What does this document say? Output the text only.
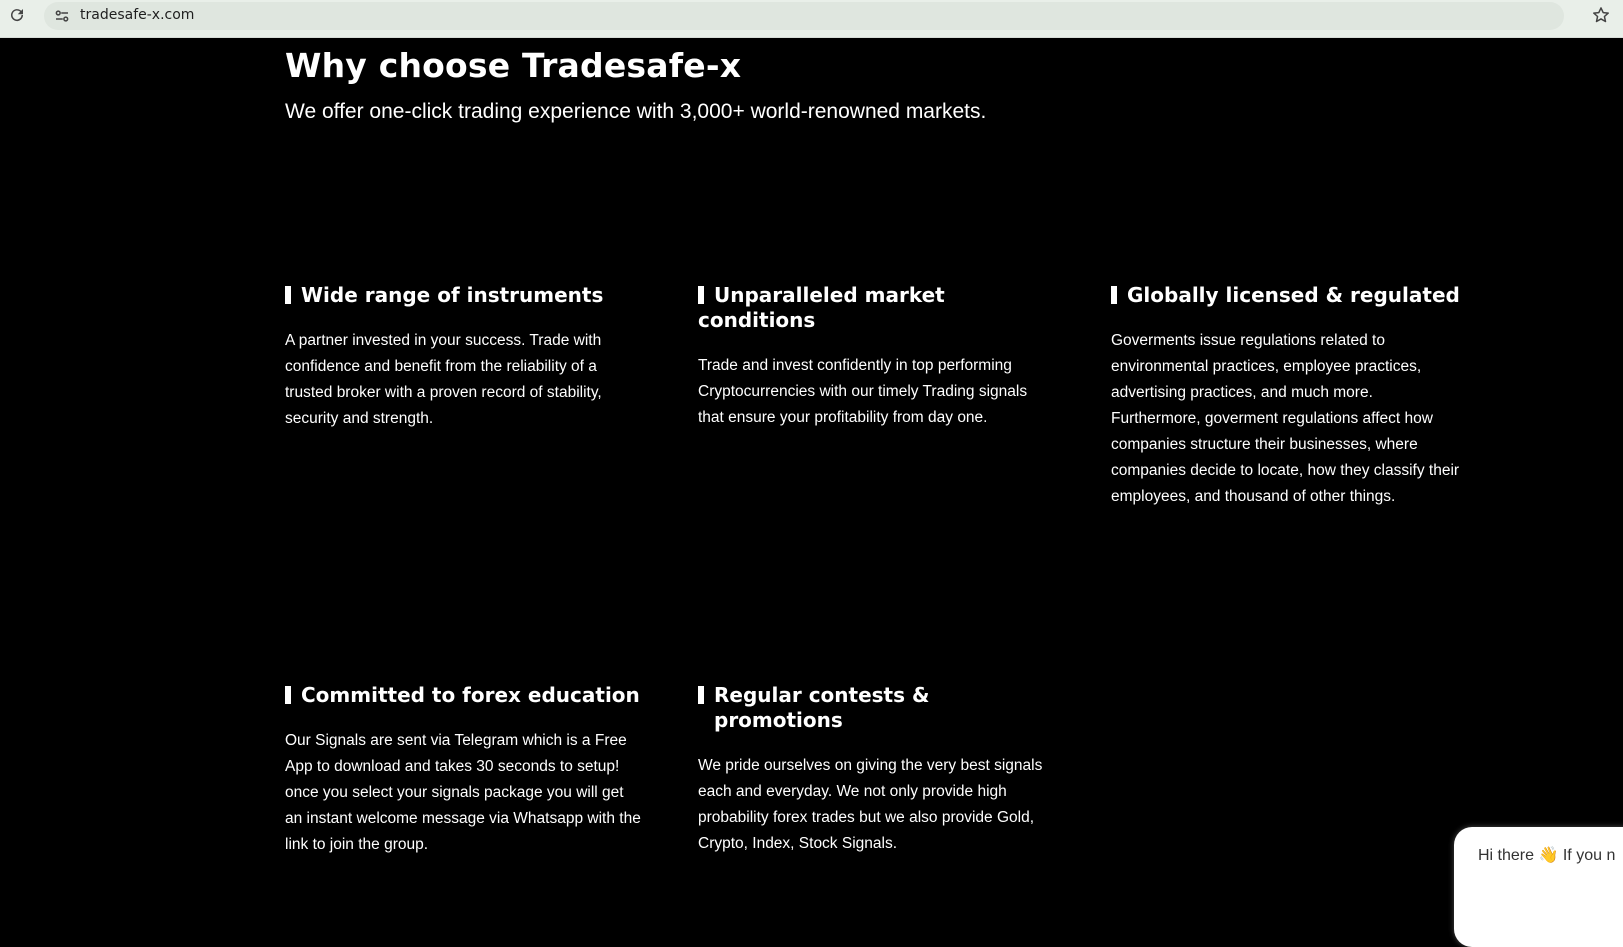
tradesafe-x.com
Why choose Tradesafe-x

We offer one-click trading experience with 3,000+ world-renowned markets.

Wide range of instruments

A partner invested in your success. Trade with confidence and benefit from the reliability of a trusted broker with a proven record of stability, security and strength.

Unparalleled market conditions

Trade and invest confidently in top performing Cryptocurrencies with our timely Trading signals that ensure your profitability from day one.

Globally licensed & regulated

Goverments issue regulations related to environmental practices, employee practices, advertising practices, and much more. Furthermore, goverment regulations affect how companies structure their businesses, where companies decide to locate, how they classify their employees, and thousand of other things.

Committed to forex education

Our Signals are sent via Telegram which is a Free App to download and takes 30 seconds to setup! once you select your signals package you will get an instant welcome message via Whatsapp with the link to join the group.

Regular contests & promotions

We pride ourselves on giving the very best signals each and everyday. We not only provide high probability forex trades but we also provide Gold, Crypto, Index, Stock Signals.

Hi there 👋 If you n
